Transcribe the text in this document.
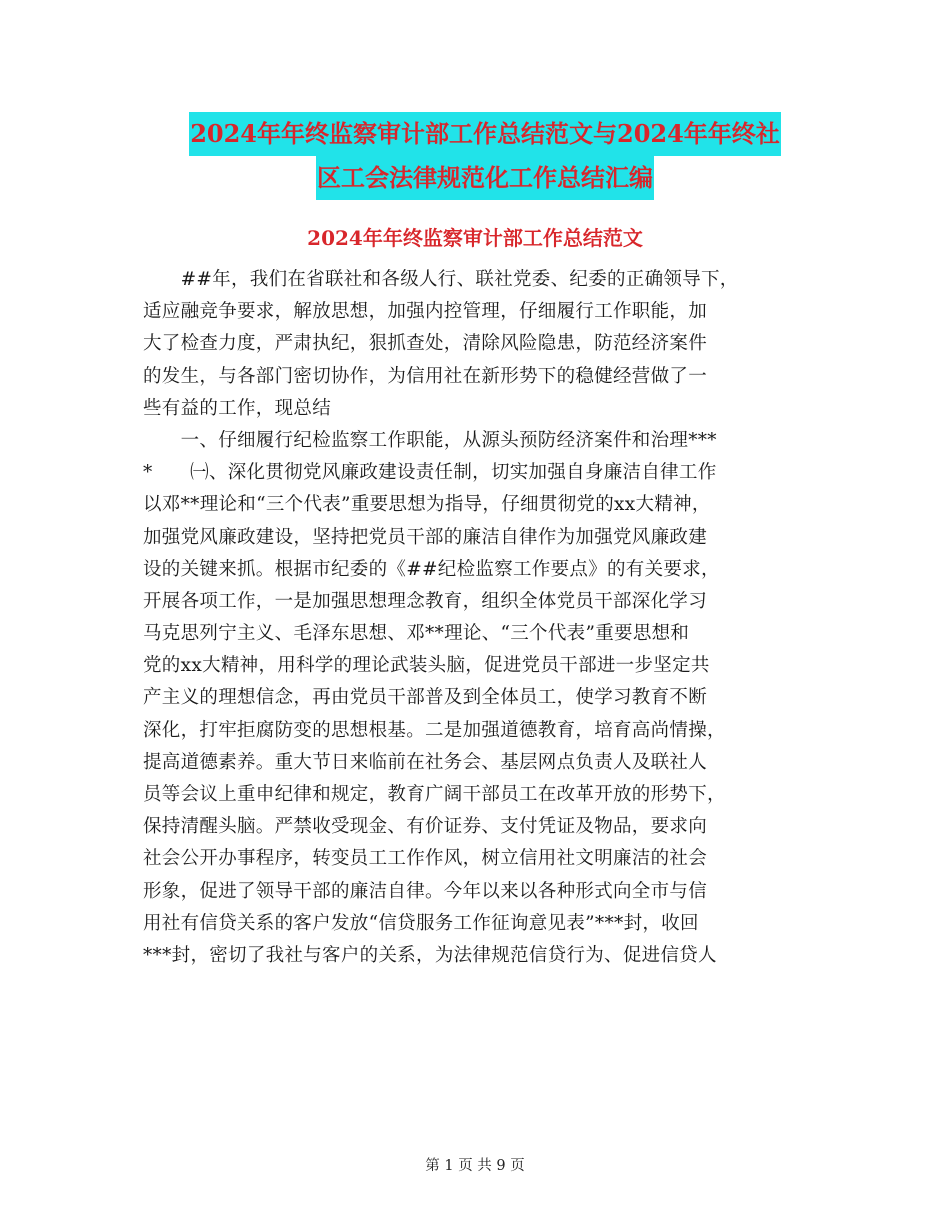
2024年年终监察审计部工作总结范文与2024年年终社
区工会法律规范化工作总结汇编
2024年年终监察审计部工作总结范文
　　##年，我们在省联社和各级人行、联社党委、纪委的正确领导下，
适应融竞争要求，解放思想，加强内控管理，仔细履行工作职能，加
大了检查力度，严肃执纪，狠抓查处，清除风险隐患，防范经济案件
的发生，与各部门密切协作，为信用社在新形势下的稳健经营做了一
些有益的工作，现总结
　　一、仔细履行纪检监察工作职能，从源头预防经济案件和治理***
*　　㈠、深化贯彻党风廉政建设责任制，切实加强自身廉洁自律工作
以邓**理论和“三个代表”重要思想为指导，仔细贯彻党的xx大精神，
加强党风廉政建设，坚持把党员干部的廉洁自律作为加强党风廉政建
设的关键来抓。根据市纪委的《##纪检监察工作要点》的有关要求，
开展各项工作，一是加强思想理念教育，组织全体党员干部深化学习
马克思列宁主义、毛泽东思想、邓**理论、“三个代表”重要思想和
党的xx大精神，用科学的理论武装头脑，促进党员干部进一步坚定共
产主义的理想信念，再由党员干部普及到全体员工，使学习教育不断
深化，打牢拒腐防变的思想根基。二是加强道德教育，培育高尚情操，
提高道德素养。重大节日来临前在社务会、基层网点负责人及联社人
员等会议上重申纪律和规定，教育广阔干部员工在改革开放的形势下，
保持清醒头脑。严禁收受现金、有价证券、支付凭证及物品，要求向
社会公开办事程序，转变员工工作作风，树立信用社文明廉洁的社会
形象，促进了领导干部的廉洁自律。今年以来以各种形式向全市与信
用社有信贷关系的客户发放“信贷服务工作征询意见表”***封，收回
***封，密切了我社与客户的关系，为法律规范信贷行为、促进信贷人
第 1 页 共 9 页
